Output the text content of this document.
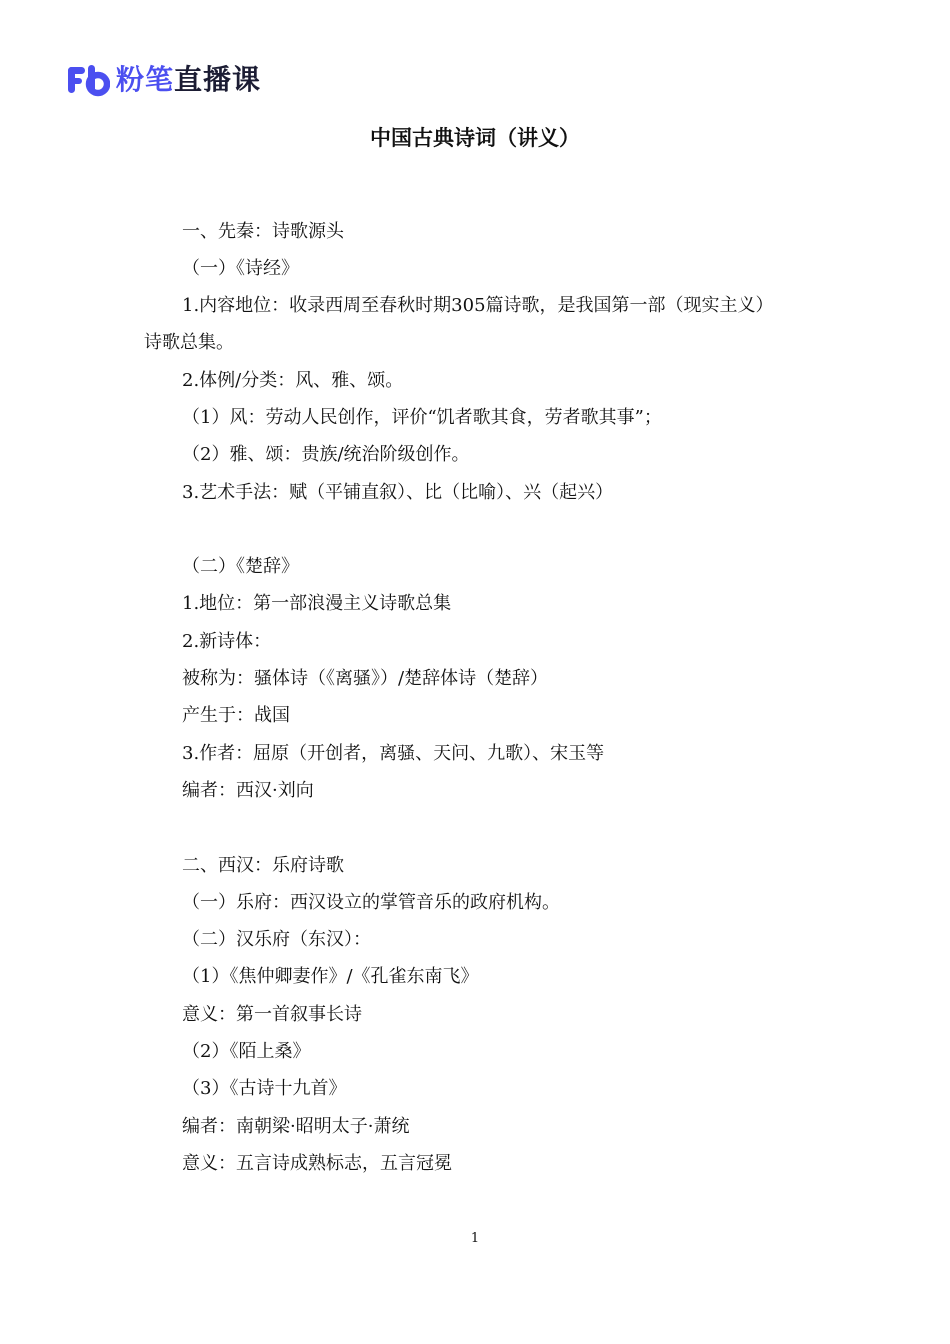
粉笔直播课
中国古典诗词（讲义）

一、先秦：诗歌源头

（一）《诗经》

1.内容地位：收录西周至春秋时期305篇诗歌，是我国第一部（现实主义）

诗歌总集。

2.体例/分类：风、雅、颂。

（1）风：劳动人民创作，评价“饥者歌其食，劳者歌其事”；

（2）雅、颂：贵族/统治阶级创作。

3.艺术手法：赋（平铺直叙）、比（比喻）、兴（起兴）

（二）《楚辞》

1.地位：第一部浪漫主义诗歌总集

2.新诗体：

被称为：骚体诗（《离骚》）/楚辞体诗（楚辞）

产生于：战国

3.作者：屈原（开创者，离骚、天问、九歌）、宋玉等

编者：西汉·刘向

二、西汉：乐府诗歌

（一）乐府：西汉设立的掌管音乐的政府机构。

（二）汉乐府（东汉）：

（1）《焦仲卿妻作》/《孔雀东南飞》

意义：第一首叙事长诗

（2）《陌上桑》

（3）《古诗十九首》

编者：南朝梁·昭明太子·萧统

意义：五言诗成熟标志，五言冠冕

1
